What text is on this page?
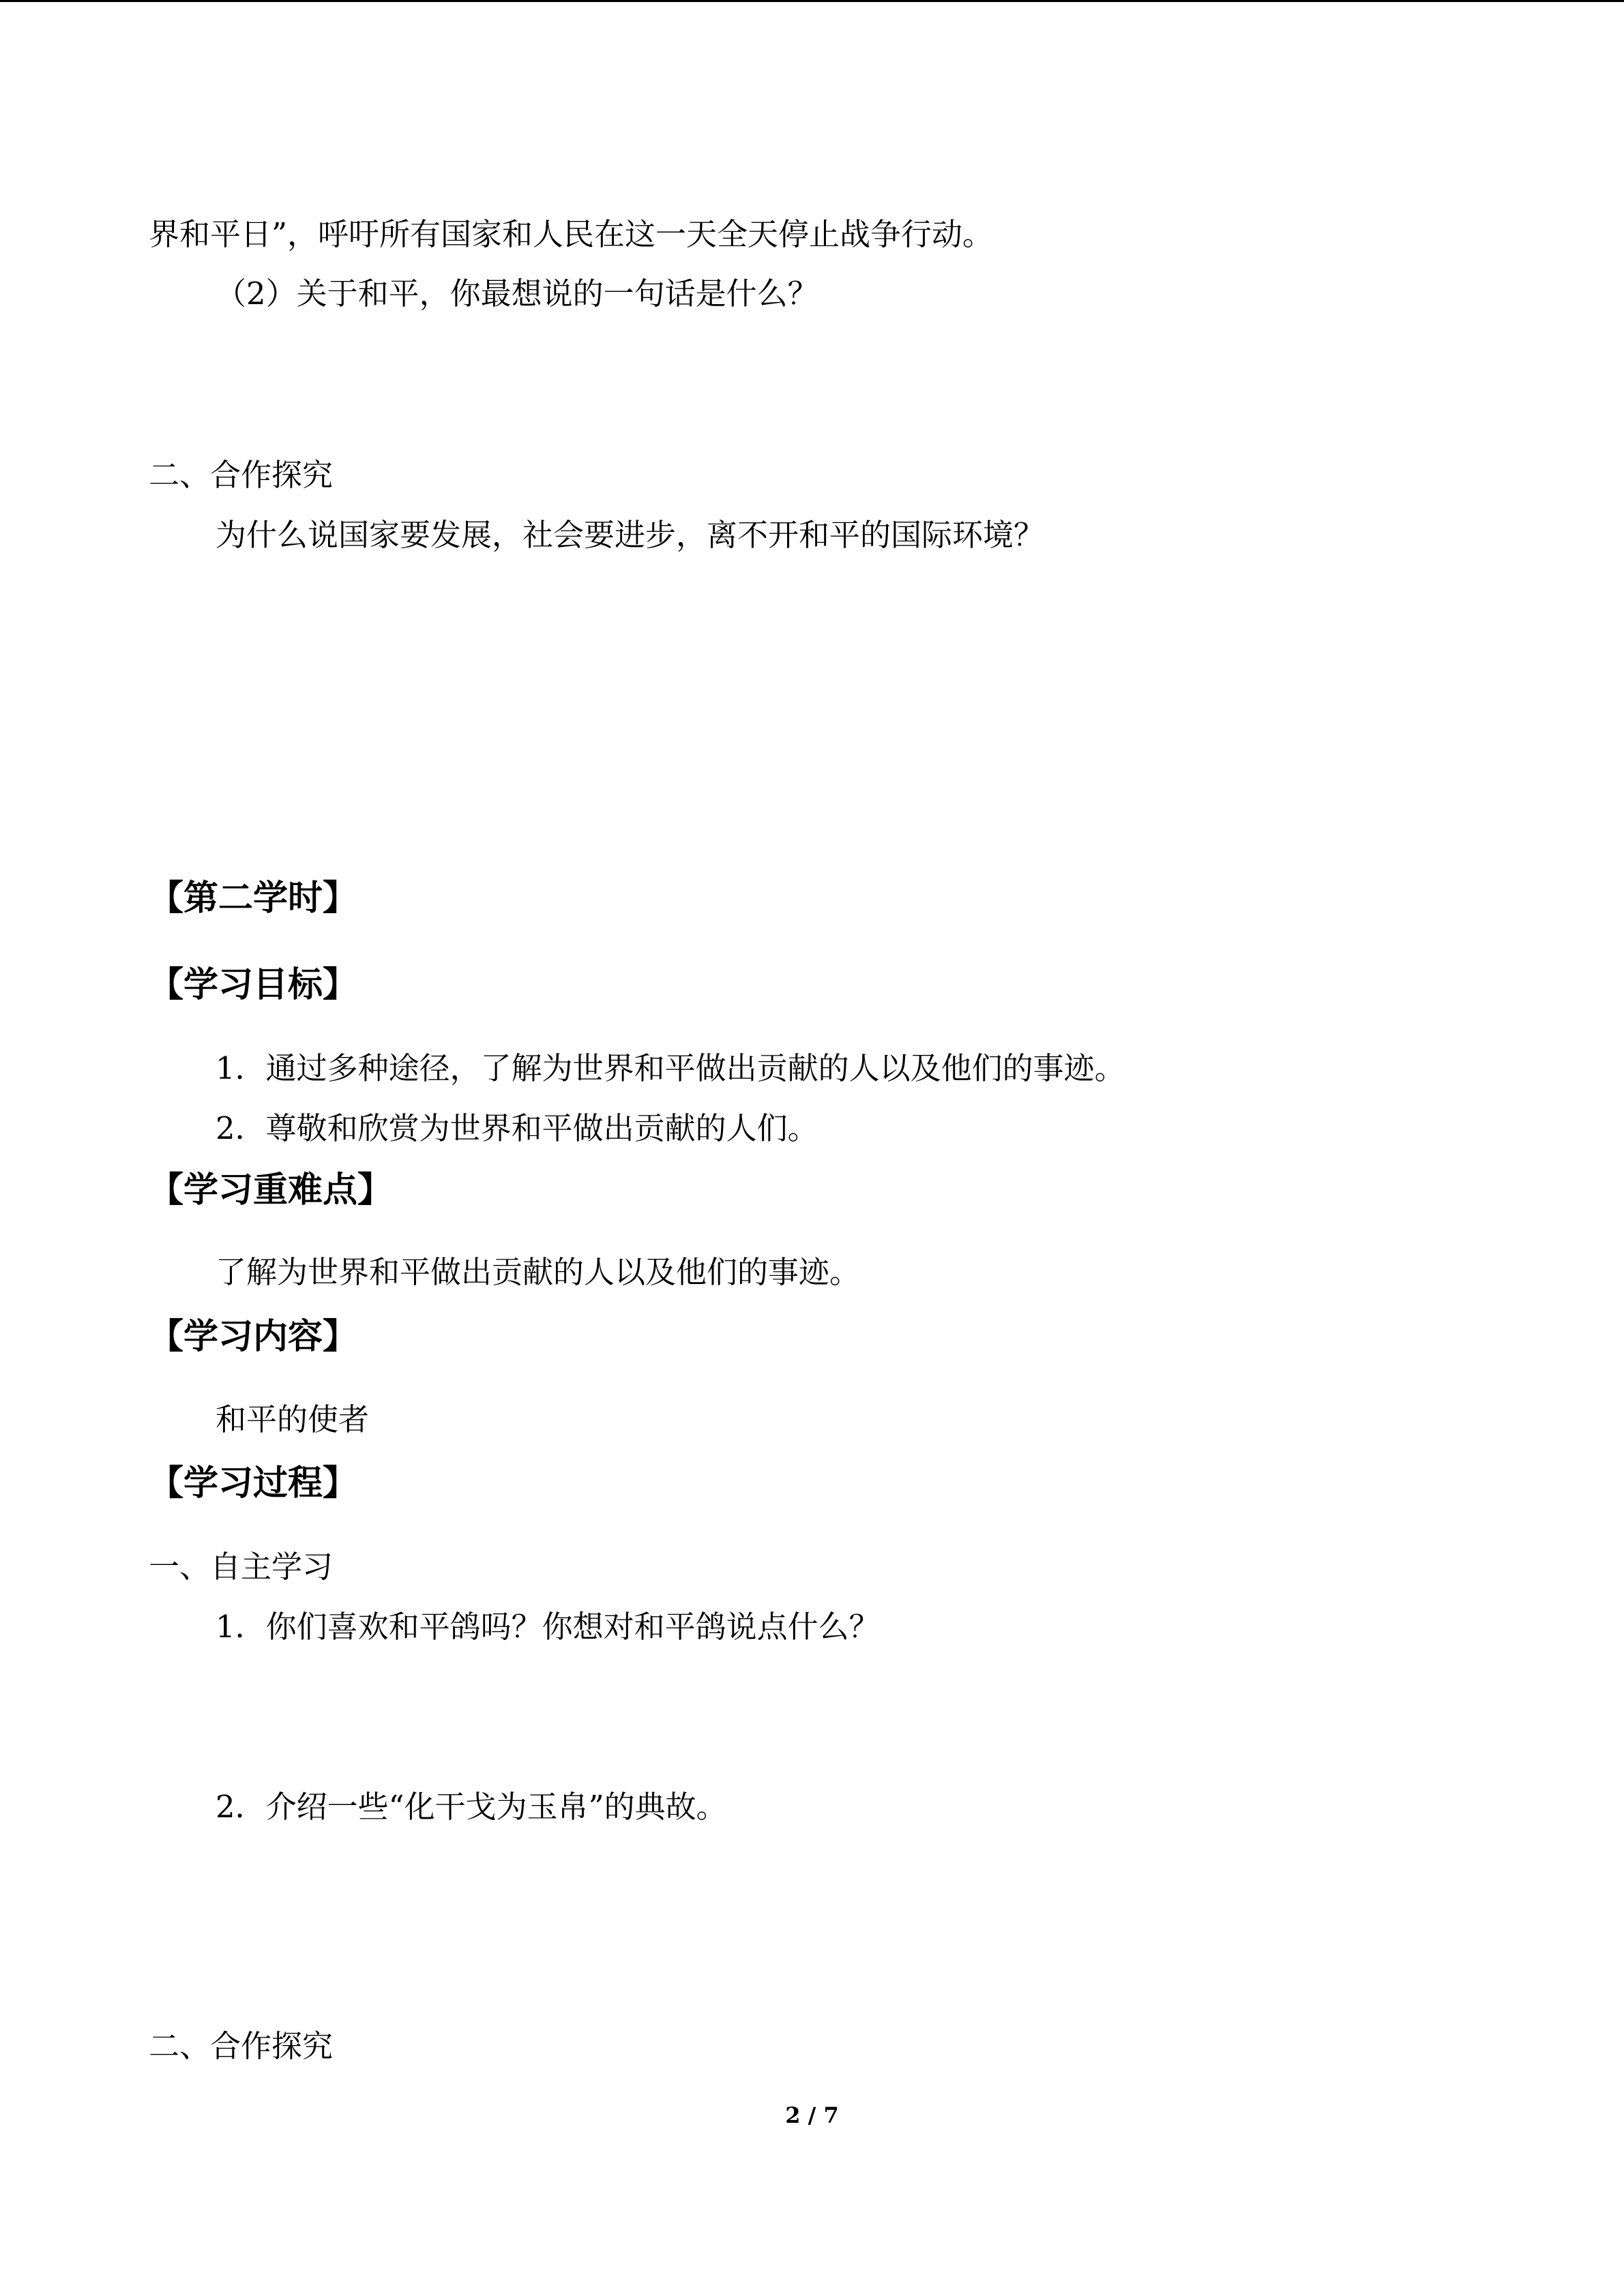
界和平日”，呼吁所有国家和人民在这一天全天停止战争行动。
（2）关于和平，你最想说的一句话是什么？
二、合作探究
为什么说国家要发展，社会要进步，离不开和平的国际环境？
【第二学时】
【学习目标】
1．通过多种途径，了解为世界和平做出贡献的人以及他们的事迹。
2．尊敬和欣赏为世界和平做出贡献的人们。
【学习重难点】
了解为世界和平做出贡献的人以及他们的事迹。
【学习内容】
和平的使者
【学习过程】
一、自主学习
1．你们喜欢和平鸽吗？你想对和平鸽说点什么？
2．介绍一些“化干戈为玉帛”的典故。
二、合作探究
2 / 7
